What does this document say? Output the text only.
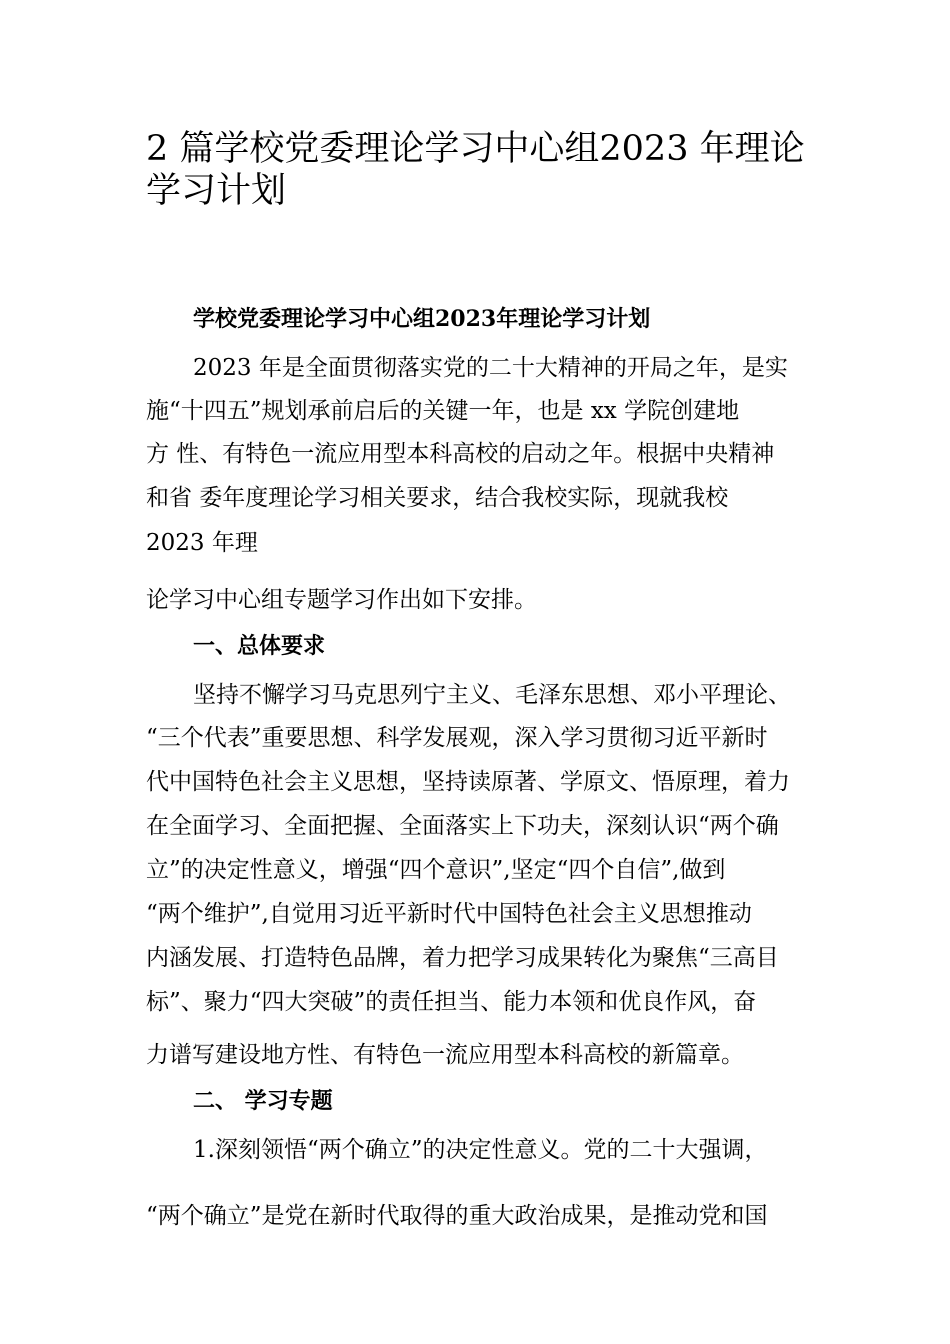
2 篇学校党委理论学习中心组2023 年理论学习计划
学校党委理论学习中心组2023年理论学习计划
2023 年是全面贯彻落实党的二十大精神的开局之年，是实
施“十四五”规划承前启后的关键一年，也是 xx 学院创建地
方 性、有特色一流应用型本科高校的启动之年。根据中央精神
和省 委年度理论学习相关要求，结合我校实际，现就我校
2023 年理
论学习中心组专题学习作出如下安排。
一、总体要求
坚持不懈学习马克思列宁主义、毛泽东思想、邓小平理论、
“三个代表”重要思想、科学发展观，深入学习贯彻习近平新时
代中国特色社会主义思想，坚持读原著、学原文、悟原理，着力
在全面学习、全面把握、全面落实上下功夫，深刻认识“两个确
立”的决定性意义，增强“四个意识”,坚定“四个自信”,做到
“两个维护”,自觉用习近平新时代中国特色社会主义思想推动
内涵发展、打造特色品牌，着力把学习成果转化为聚焦“三高目
标”、聚力“四大突破”的责任担当、能力本领和优良作风，奋
力谱写建设地方性、有特色一流应用型本科高校的新篇章。
二、 学习专题
1.深刻领悟“两个确立”的决定性意义。党的二十大强调，
“两个确立”是党在新时代取得的重大政治成果，是推动党和国
